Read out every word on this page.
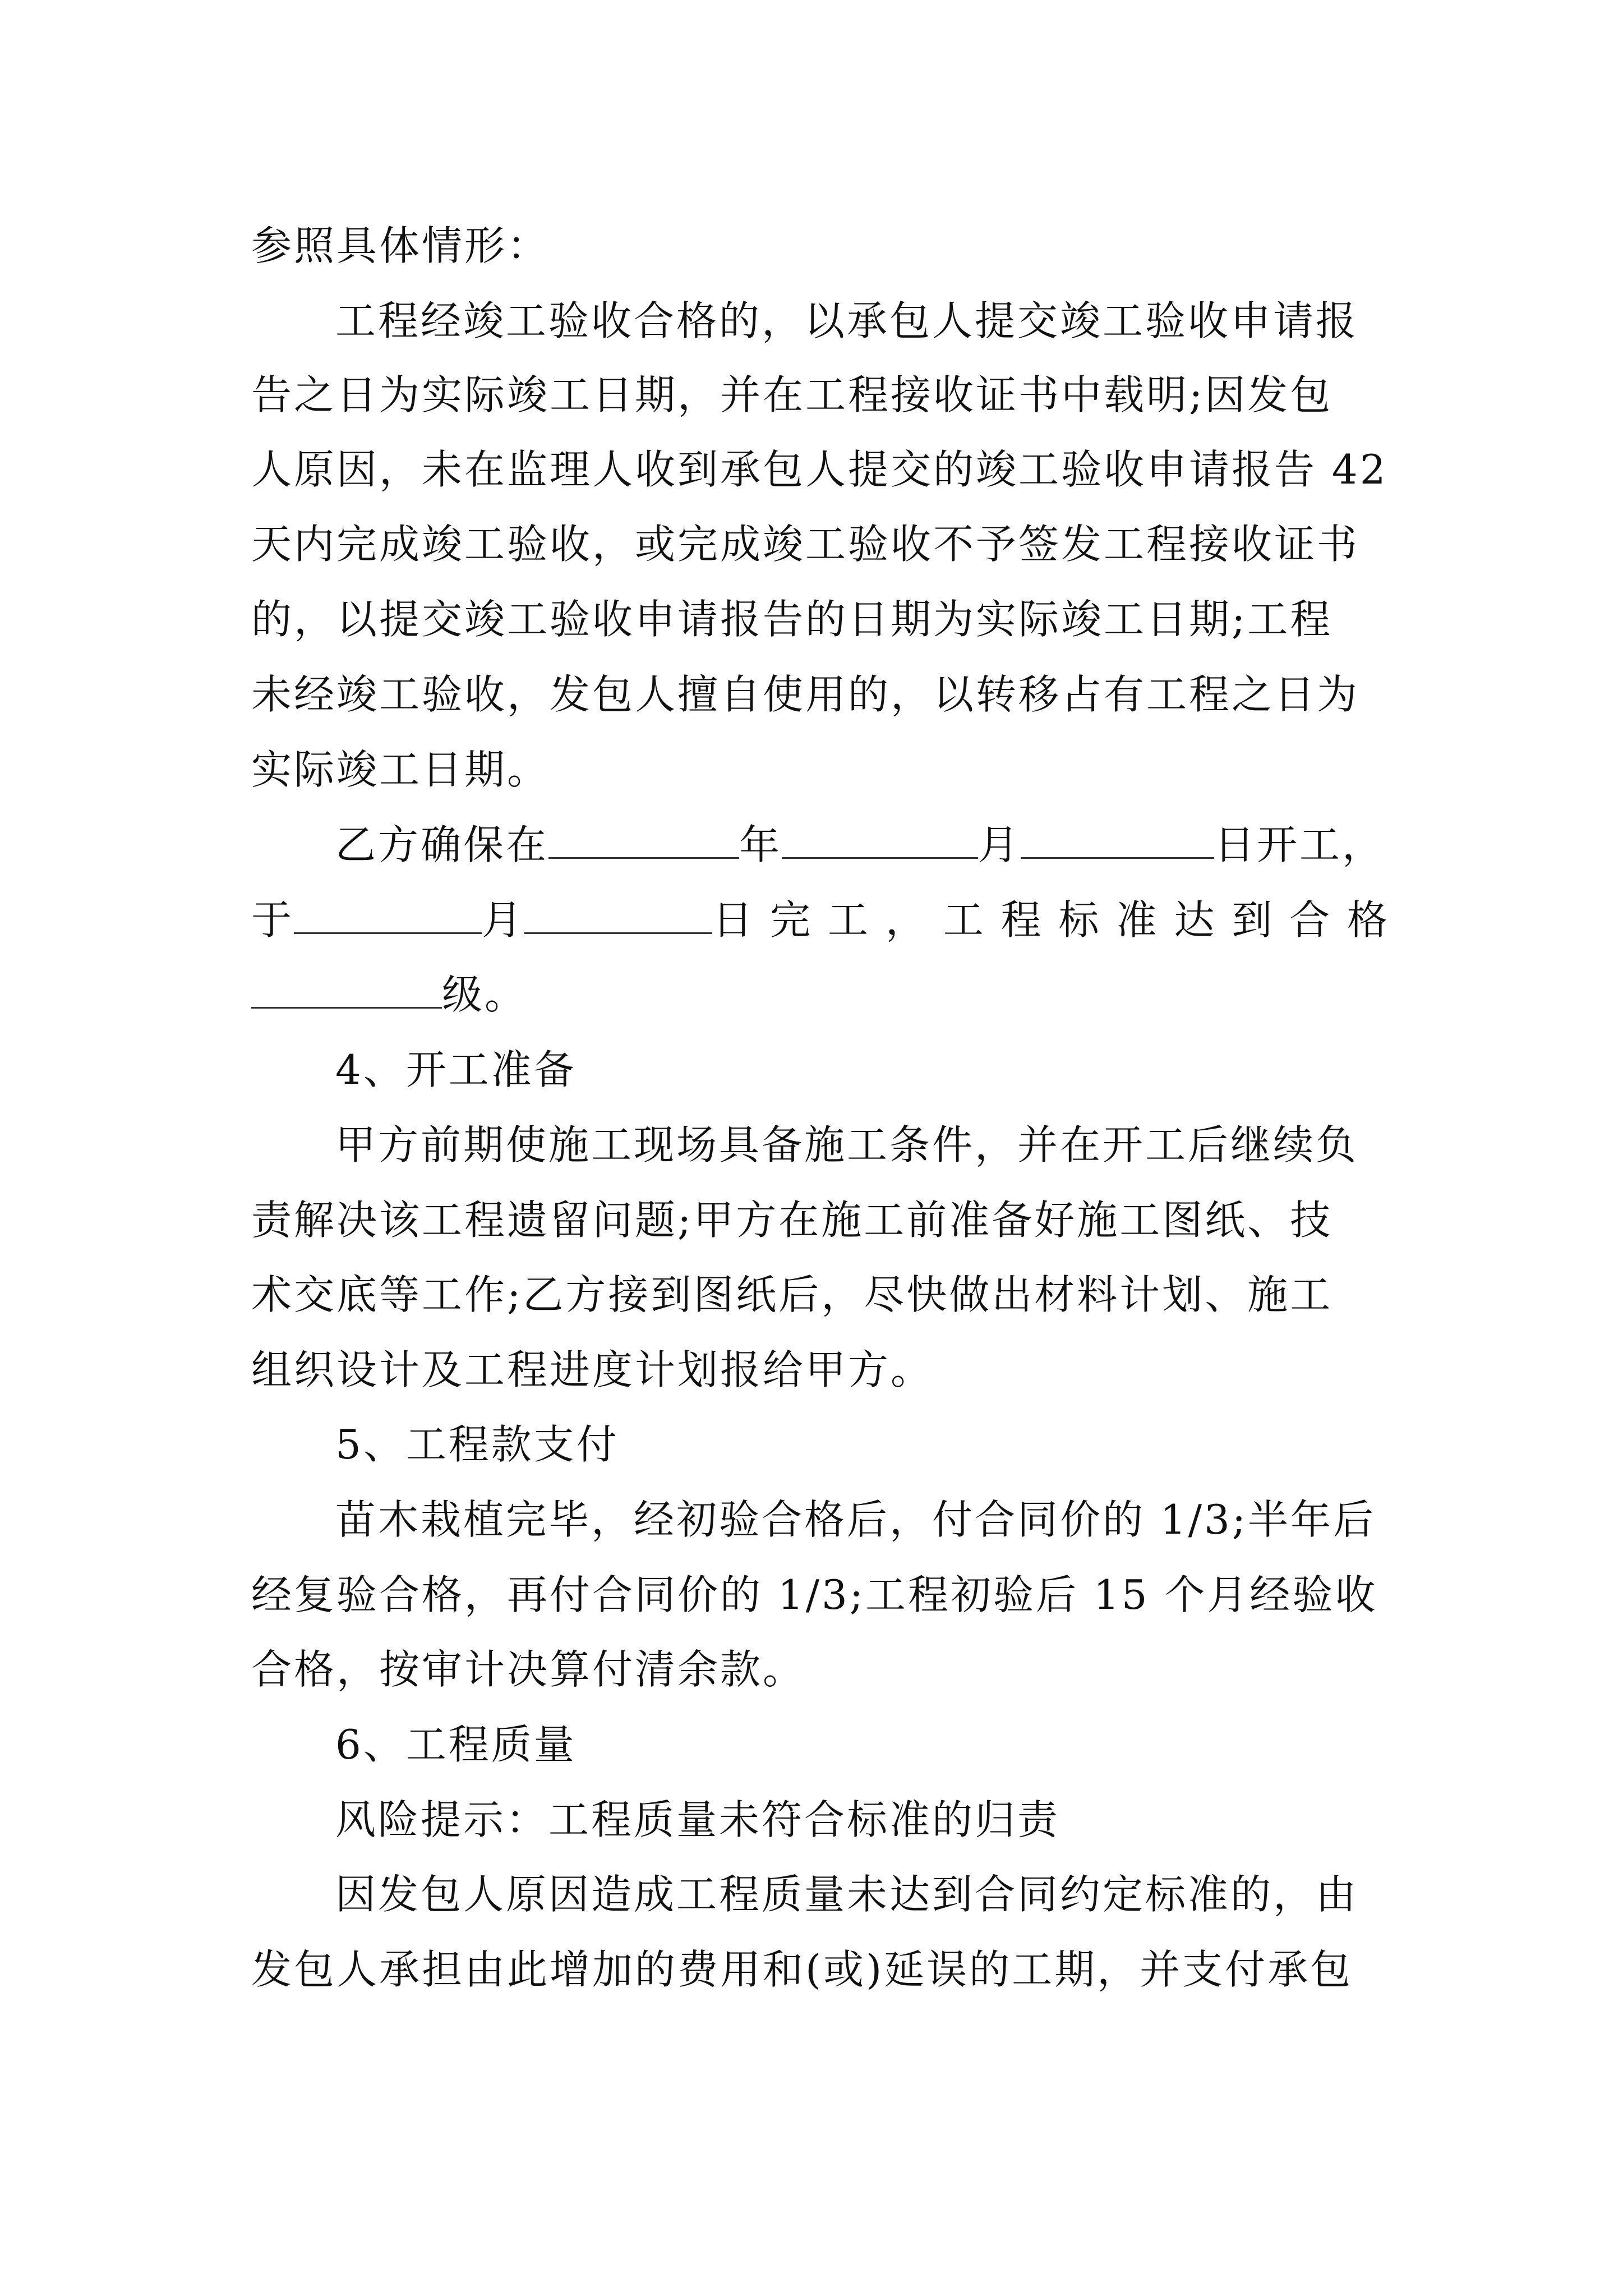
参照具体情形：
工程经竣工验收合格的，以承包人提交竣工验收申请报
告之日为实际竣工日期，并在工程接收证书中载明;因发包
人原因，未在监理人收到承包人提交的竣工验收申请报告 42
天内完成竣工验收，或完成竣工验收不予签发工程接收证书
的，以提交竣工验收申请报告的日期为实际竣工日期;工程
未经竣工验收，发包人擅自使用的，以转移占有工程之日为
实际竣工日期。
乙方确保在	年	月	日开工，
于	月	日 完 工 ， 工 程 标 准 达 到 合 格
级。
4、开工准备
甲方前期使施工现场具备施工条件，并在开工后继续负
责解决该工程遗留问题;甲方在施工前准备好施工图纸、技
术交底等工作;乙方接到图纸后，尽快做出材料计划、施工
组织设计及工程进度计划报给甲方。
5、工程款支付
苗木栽植完毕，经初验合格后，付合同价的 1/3;半年后
经复验合格，再付合同价的 1/3;工程初验后 15 个月经验收
合格，按审计决算付清余款。
6、工程质量
风险提示：工程质量未符合标准的归责
因发包人原因造成工程质量未达到合同约定标准的，由
发包人承担由此增加的费用和(或)延误的工期，并支付承包
